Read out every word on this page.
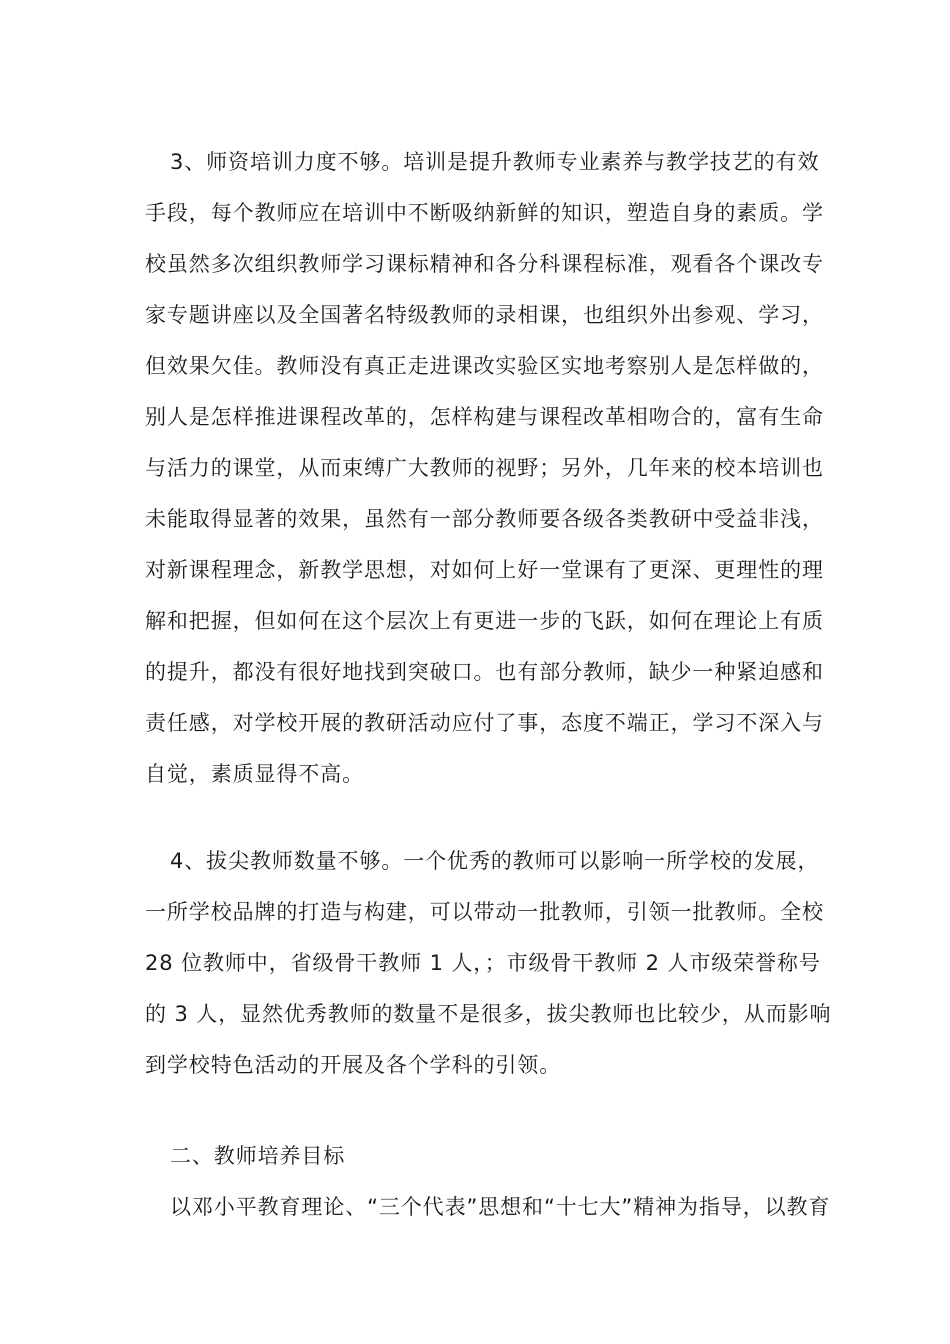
3、师资培训力度不够。培训是提升教师专业素养与教学技艺的有效
手段，每个教师应在培训中不断吸纳新鲜的知识，塑造自身的素质。学
校虽然多次组织教师学习课标精神和各分科课程标准，观看各个课改专
家专题讲座以及全国著名特级教师的录相课，也组织外出参观、学习，
但效果欠佳。教师没有真正走进课改实验区实地考察别人是怎样做的，
别人是怎样推进课程改革的，怎样构建与课程改革相吻合的，富有生命
与活力的课堂，从而束缚广大教师的视野；另外，几年来的校本培训也
未能取得显著的效果，虽然有一部分教师要各级各类教研中受益非浅，
对新课程理念，新教学思想，对如何上好一堂课有了更深、更理性的理
解和把握，但如何在这个层次上有更进一步的飞跃，如何在理论上有质
的提升，都没有很好地找到突破口。也有部分教师，缺少一种紧迫感和
责任感，对学校开展的教研活动应付了事，态度不端正，学习不深入与
自觉，素质显得不高。
4、拔尖教师数量不够。一个优秀的教师可以影响一所学校的发展，
一所学校品牌的打造与构建，可以带动一批教师，引领一批教师。全校
28 位教师中，省级骨干教师 1 人，；市级骨干教师 2 人市级荣誉称号
的 3 人，显然优秀教师的数量不是很多，拔尖教师也比较少，从而影响
到学校特色活动的开展及各个学科的引领。
二、教师培养目标
以邓小平教育理论、“三个代表”思想和“十七大”精神为指导，以教育
